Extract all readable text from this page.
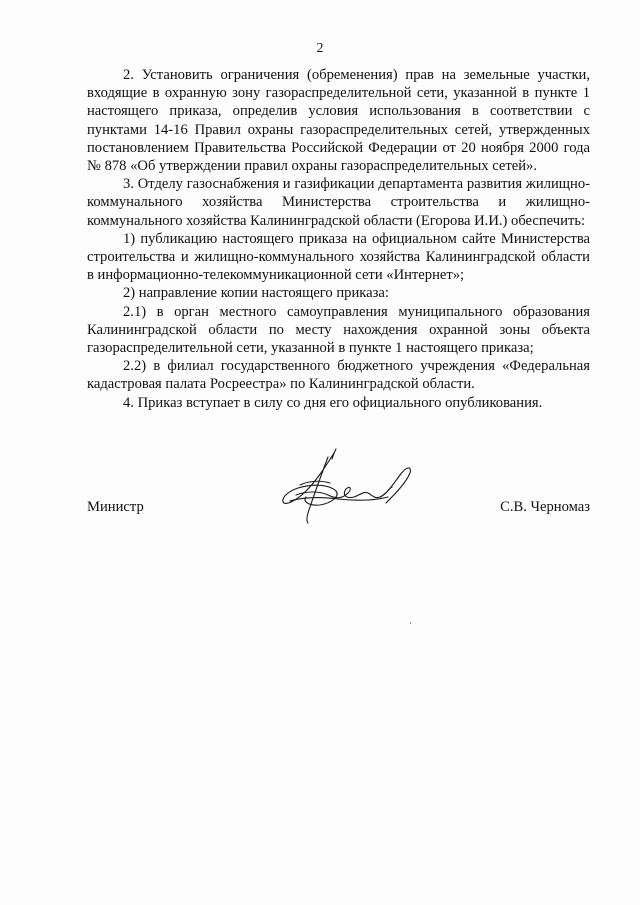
2

2. Установить ограничения (обременения) прав на земельные участки, входящие в охранную зону газораспределительной сети, указанной в пункте 1 настоящего приказа, определив условия использования в соответствии с пунктами 14-16 Правил охраны газораспределительных сетей, утвержденных постановлением Правительства Российской Федерации от 20 ноября 2000 года № 878 «Об утверждении правил охраны газораспределительных сетей».

3. Отделу газоснабжения и газификации департамента развития жилищно-коммунального хозяйства Министерства строительства и жилищно-коммунального хозяйства Калининградской области (Егорова И.И.) обеспечить:

1) публикацию настоящего приказа на официальном сайте Министерства строительства и жилищно-коммунального хозяйства Калининградской области в информационно-телекоммуникационной сети «Интернет»;

2) направление копии настоящего приказа:

2.1) в орган местного самоуправления муниципального образования Калининградской области по месту нахождения охранной зоны объекта газораспределительной сети, указанной в пункте 1 настоящего приказа;

2.2) в филиал государственного бюджетного учреждения «Федеральная кадастровая палата Росреестра» по Калининградской области.

4. Приказ вступает в силу со дня его официального опубликования.

Министр	С.В. Черномаз
